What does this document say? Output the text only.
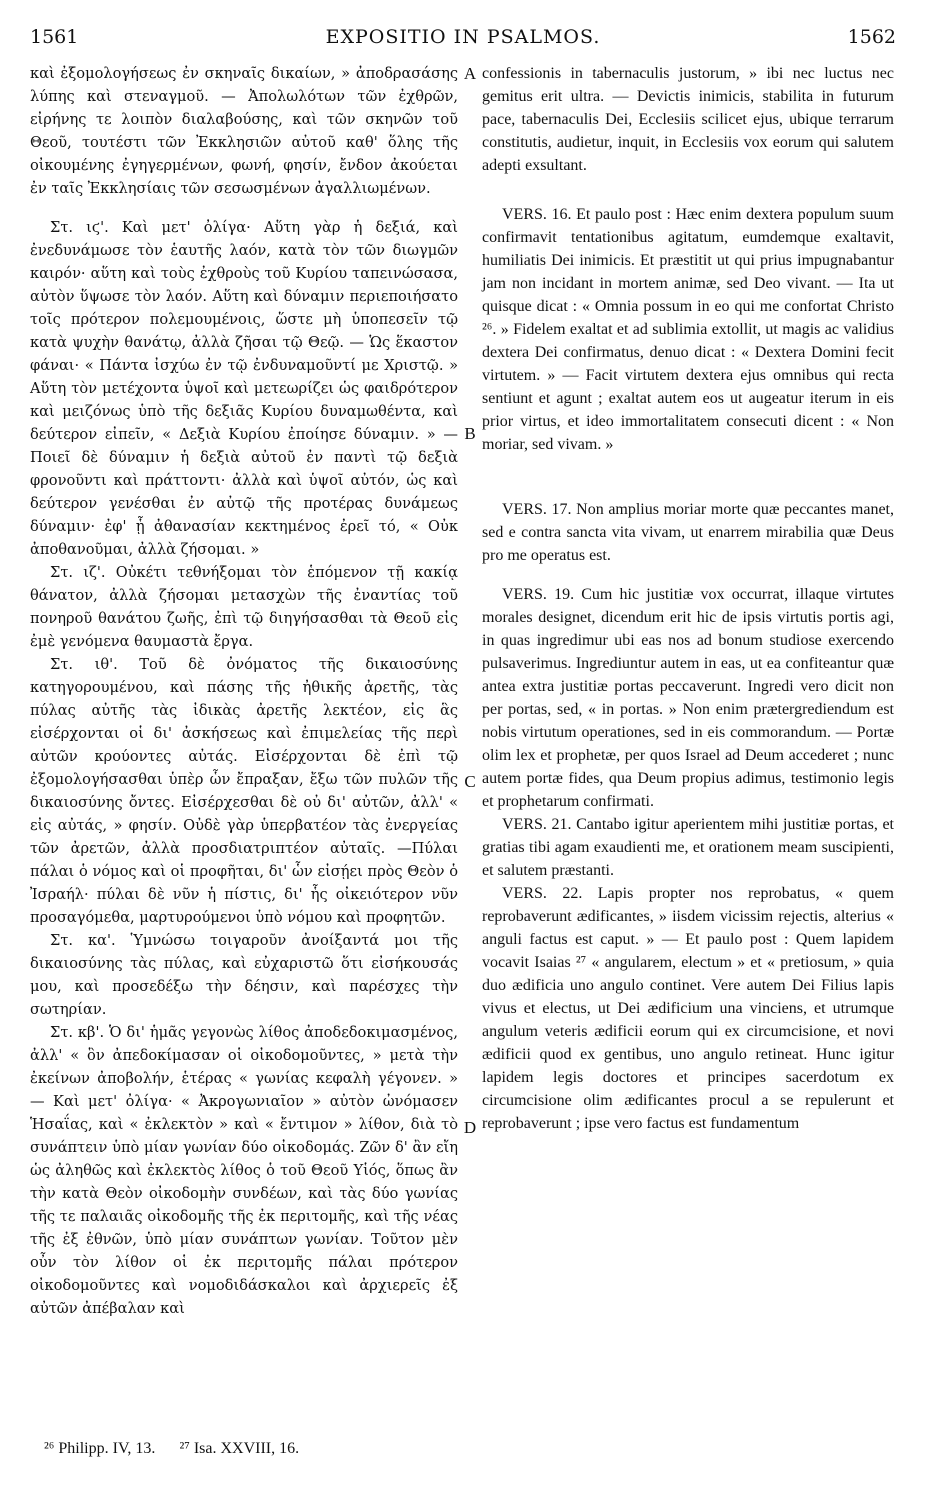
1561	EXPOSITIO IN PSALMOS.	1562

καὶ ἐξομολογήσεως ἐν σκηναῖς δικαίων, » ἀποδρασάσης λύπης καὶ στεναγμοῦ. — Ἀπολωλότων τῶν ἐχθρῶν, εἰρήνης τε λοιπὸν διαλαβούσης, καὶ τῶν σκηνῶν τοῦ Θεοῦ, τουτέστι τῶν Ἐκκλησιῶν αὐτοῦ καθ' ὅλης τῆς οἰκουμένης ἐγηγερμένων, φωνή, φησίν, ἔνδον ἀκούεται ἐν ταῖς Ἐκκλησίαις τῶν σεσωσμένων ἀγαλλιωμένων.

Στ. ιϛ'. Καὶ μετ' ὀλίγα· Αὕτη γὰρ ἡ δεξιά, καὶ ἐνεδυνάμωσε τὸν ἑαυτῆς λαόν, κατὰ τὸν τῶν διωγμῶν καιρόν· αὕτη καὶ τοὺς ἐχθροὺς τοῦ Κυρίου ταπεινώσασα, αὐτὸν ὕψωσε τὸν λαόν. Αὕτη καὶ δύναμιν περιεποιήσατο τοῖς πρότερον πολεμουμένοις, ὥστε μὴ ὑποπεσεῖν τῷ κατὰ ψυχὴν θανάτῳ, ἀλλὰ ζῆσαι τῷ Θεῷ. — Ὡς ἕκαστον φάναι· « Πάντα ἰσχύω ἐν τῷ ἐνδυναμοῦντί με Χριστῷ. » Αὕτη τὸν μετέχοντα ὑψοῖ καὶ μετεωρίζει ὡς φαιδρότερον καὶ μειζόνως ὑπὸ τῆς δεξιᾶς Κυρίου δυναμωθέντα, καὶ δεύτερον εἰπεῖν, « Δεξιὰ Κυρίου ἐποίησε δύναμιν. » — Ποιεῖ δὲ δύναμιν ἡ δεξιὰ αὐτοῦ ἐν παντὶ τῷ δεξιὰ φρονοῦντι καὶ πράττοντι· ἀλλὰ καὶ ὑψοῖ αὐτόν, ὡς καὶ δεύτερον γενέσθαι ἐν αὐτῷ τῆς προτέρας δυνάμεως δύναμιν· ἐφ' ᾗ ἀθανασίαν κεκτημένος ἐρεῖ τό, « Οὐκ ἀποθανοῦμαι, ἀλλὰ ζήσομαι. »

Στ. ιζ'. Οὐκέτι τεθνήξομαι τὸν ἑπόμενον τῇ κακίᾳ θάνατον, ἀλλὰ ζήσομαι μετασχὼν τῆς ἐναντίας τοῦ πονηροῦ θανάτου ζωῆς, ἐπὶ τῷ διηγήσασθαι τὰ Θεοῦ εἰς ἐμὲ γενόμενα θαυμαστὰ ἔργα.

Στ. ιθ'. Τοῦ δὲ ὀνόματος τῆς δικαιοσύνης κατηγορουμένου, καὶ πάσης τῆς ἠθικῆς ἀρετῆς, τὰς πύλας αὐτῆς τὰς ἰδικὰς ἀρετῆς λεκτέον, εἰς ἃς εἰσέρχονται οἱ δι' ἀσκήσεως καὶ ἐπιμελείας τῆς περὶ αὐτῶν κρούοντες αὐτάς. Εἰσέρχονται δὲ ἐπὶ τῷ ἐξομολογήσασθαι ὑπὲρ ὧν ἔπραξαν, ἔξω τῶν πυλῶν τῆς δικαιοσύνης ὄντες. Εἰσέρχεσθαι δὲ οὐ δι' αὐτῶν, ἀλλ' « εἰς αὐτάς, » φησίν. Οὐδὲ γὰρ ὑπερβατέον τὰς ἐνεργείας τῶν ἀρετῶν, ἀλλὰ προσδιατριπτέον αὐταῖς. —Πύλαι πάλαι ὁ νόμος καὶ οἱ προφῆται, δι' ὧν εἰσῄει πρὸς Θεὸν ὁ Ἰσραήλ· πύλαι δὲ νῦν ἡ πίστις, δι' ἧς οἰκειότερον νῦν προσαγόμεθα, μαρτυρούμενοι ὑπὸ νόμου καὶ προφητῶν.

Στ. κα'. Ὑμνώσω τοιγαροῦν ἀνοίξαντά μοι τῆς δικαιοσύνης τὰς πύλας, καὶ εὐχαριστῶ ὅτι εἰσήκουσάς μου, καὶ προσεδέξω τὴν δέησιν, καὶ παρέσχες τὴν σωτηρίαν.

Στ. κβ'. Ὁ δι' ἡμᾶς γεγονὼς λίθος ἀποδεδοκιμασμένος, ἀλλ' « ὃν ἀπεδοκίμασαν οἱ οἰκοδομοῦντες, » μετὰ τὴν ἐκείνων ἀποβολήν, ἑτέρας « γωνίας κεφαλὴ γέγονεν. » — Καὶ μετ' ὀλίγα· « Ἀκρογωνιαῖον » αὐτὸν ὠνόμασεν Ἡσαΐας, καὶ « ἐκλεκτὸν » καὶ « ἔντιμον » λίθον, διὰ τὸ συνάπτειν ὑπὸ μίαν γωνίαν δύο οἰκοδομάς. Ζῶν δ' ἂν εἴη ὡς ἀληθῶς καὶ ἐκλεκτὸς λίθος ὁ τοῦ Θεοῦ Υἱός, ὅπως ἂν τὴν κατὰ Θεὸν οἰκοδομὴν συνδέων, καὶ τὰς δύο γωνίας τῆς τε παλαιᾶς οἰκοδομῆς τῆς ἐκ περιτομῆς, καὶ τῆς νέας τῆς ἐξ ἐθνῶν, ὑπὸ μίαν συνάπτων γωνίαν. Τοῦτον μὲν οὖν τὸν λίθον οἱ ἐκ περιτομῆς πάλαι πρότερον οἰκοδομοῦντες καὶ νομοδιδάσκαλοι καὶ ἀρχιερεῖς ἐξ αὐτῶν ἀπέβαλαν καὶ

A
B
C
D

confessionis in tabernaculis justorum, » ibi nec luctus nec gemitus erit ultra. — Devictis inimicis, stabilita in futurum pace, tabernaculis Dei, Ecclesiis scilicet ejus, ubique terrarum constitutis, audietur, inquit, in Ecclesiis vox eorum qui salutem adepti exsultant.

VERS. 16. Et paulo post : Hæc enim dextera populum suum confirmavit tentationibus agitatum, eumdemque exaltavit, humiliatis Dei inimicis. Et præstitit ut qui prius impugnabantur jam non incidant in mortem animæ, sed Deo vivant. — Ita ut quisque dicat : « Omnia possum in eo qui me confortat Christo ²⁶. » Fidelem exaltat et ad sublimia extollit, ut magis ac validius dextera Dei confirmatus, denuo dicat : « Dextera Domini fecit virtutem. » — Facit virtutem dextera ejus omnibus qui recta sentiunt et agunt ; exaltat autem eos ut augeatur iterum in eis prior virtus, et ideo immortalitatem consecuti dicent : « Non moriar, sed vivam. »

VERS. 17. Non amplius moriar morte quæ peccantes manet, sed e contra sancta vita vivam, ut enarrem mirabilia quæ Deus pro me operatus est.

VERS. 19. Cum hic justitiæ vox occurrat, illaque virtutes morales designet, dicendum erit hic de ipsis virtutis portis agi, in quas ingredimur ubi eas nos ad bonum studiose exercendo pulsaverimus. Ingrediuntur autem in eas, ut ea confiteantur quæ antea extra justitiæ portas peccaverunt. Ingredi vero dicit non per portas, sed, « in portas. » Non enim prætergrediendum est nobis virtutum operationes, sed in eis commorandum. — Portæ olim lex et prophetæ, per quos Israel ad Deum accederet ; nunc autem portæ fides, qua Deum propius adimus, testimonio legis et prophetarum confirmati.

VERS. 21. Cantabo igitur aperientem mihi justitiæ portas, et gratias tibi agam exaudienti me, et orationem meam suscipienti, et salutem præstanti.

VERS. 22. Lapis propter nos reprobatus, « quem reprobaverunt ædificantes, » iisdem vicissim rejectis, alterius « anguli factus est caput. » — Et paulo post : Quem lapidem vocavit Isaias ²⁷ « angularem, electum » et « pretiosum, » quia duo ædificia uno angulo continet. Vere autem Dei Filius lapis vivus et electus, ut Dei ædificium una vinciens, et utrumque angulum veteris ædificii eorum qui ex circumcisione, et novi ædificii quod ex gentibus, uno angulo retineat. Hunc igitur lapidem legis doctores et principes sacerdotum ex circumcisione olim ædificantes procul a se repulerunt et reprobaverunt ; ipse vero factus est fundamentum

²⁶ Philipp. IV, 13. ²⁷ Isa. XXVIII, 16.
